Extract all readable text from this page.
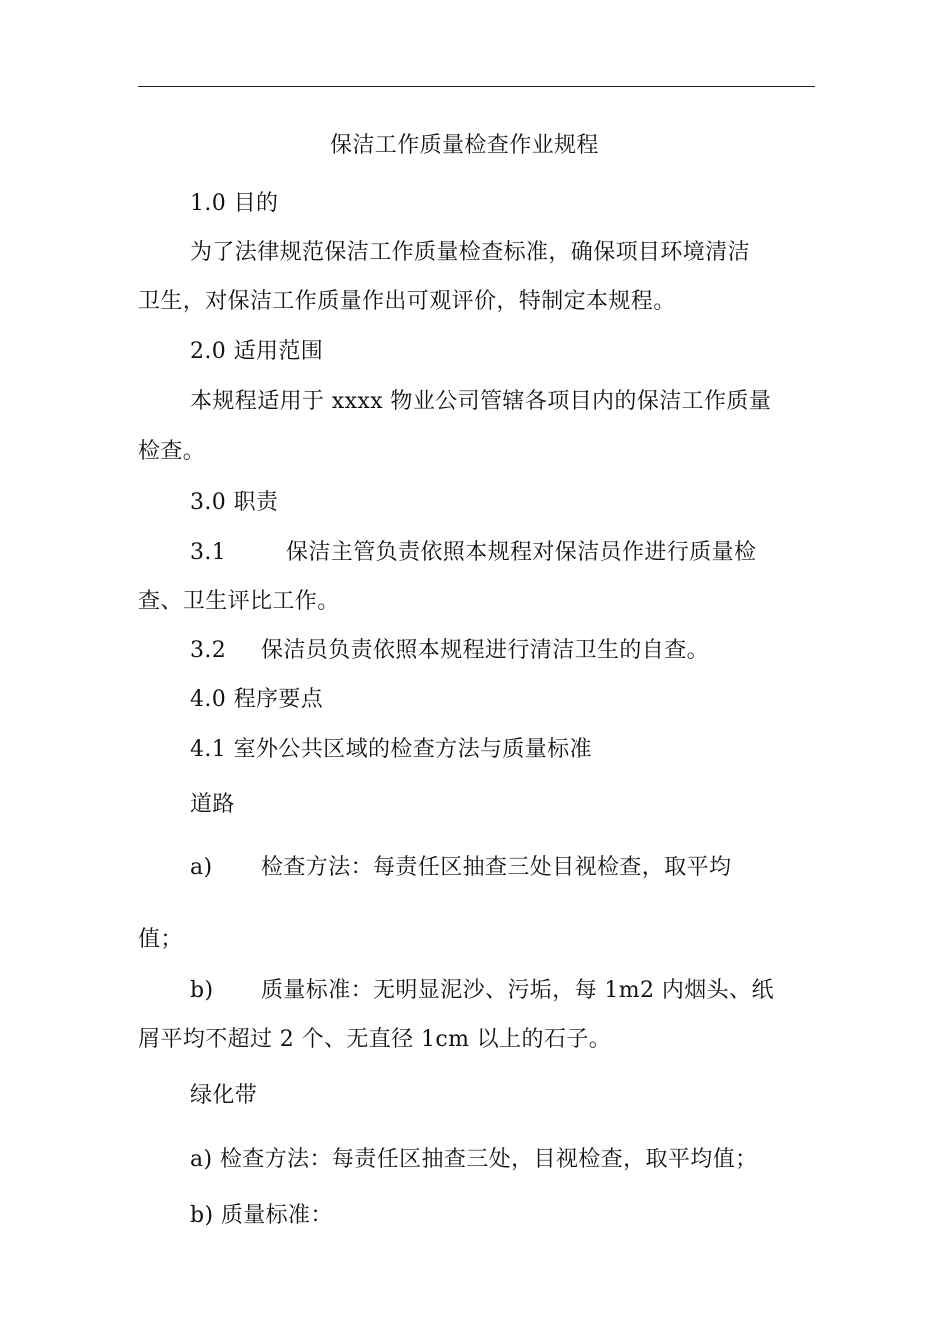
保洁工作质量检查作业规程
1.0 目的
为了法律规范保洁工作质量检查标准，确保项目环境清洁
卫生，对保洁工作质量作出可观评价，特制定本规程。
2.0 适用范围
本规程适用于 xxxx 物业公司管辖各项目内的保洁工作质量
检查。
3.0 职责
3.1	保洁主管负责依照本规程对保洁员作进行质量检
查、卫生评比工作。
3.2 保洁员负责依照本规程进行清洁卫生的自查。
4.0 程序要点
4.1 室外公共区域的检查方法与质量标准
道路
a) 检查方法：每责任区抽查三处目视检查，取平均
值；
b) 质量标准：无明显泥沙、污垢，每 1m2 内烟头、纸
屑平均不超过 2 个、无直径 1cm 以上的石子。
绿化带
a) 检查方法：每责任区抽查三处，目视检查，取平均值；
b) 质量标准：
